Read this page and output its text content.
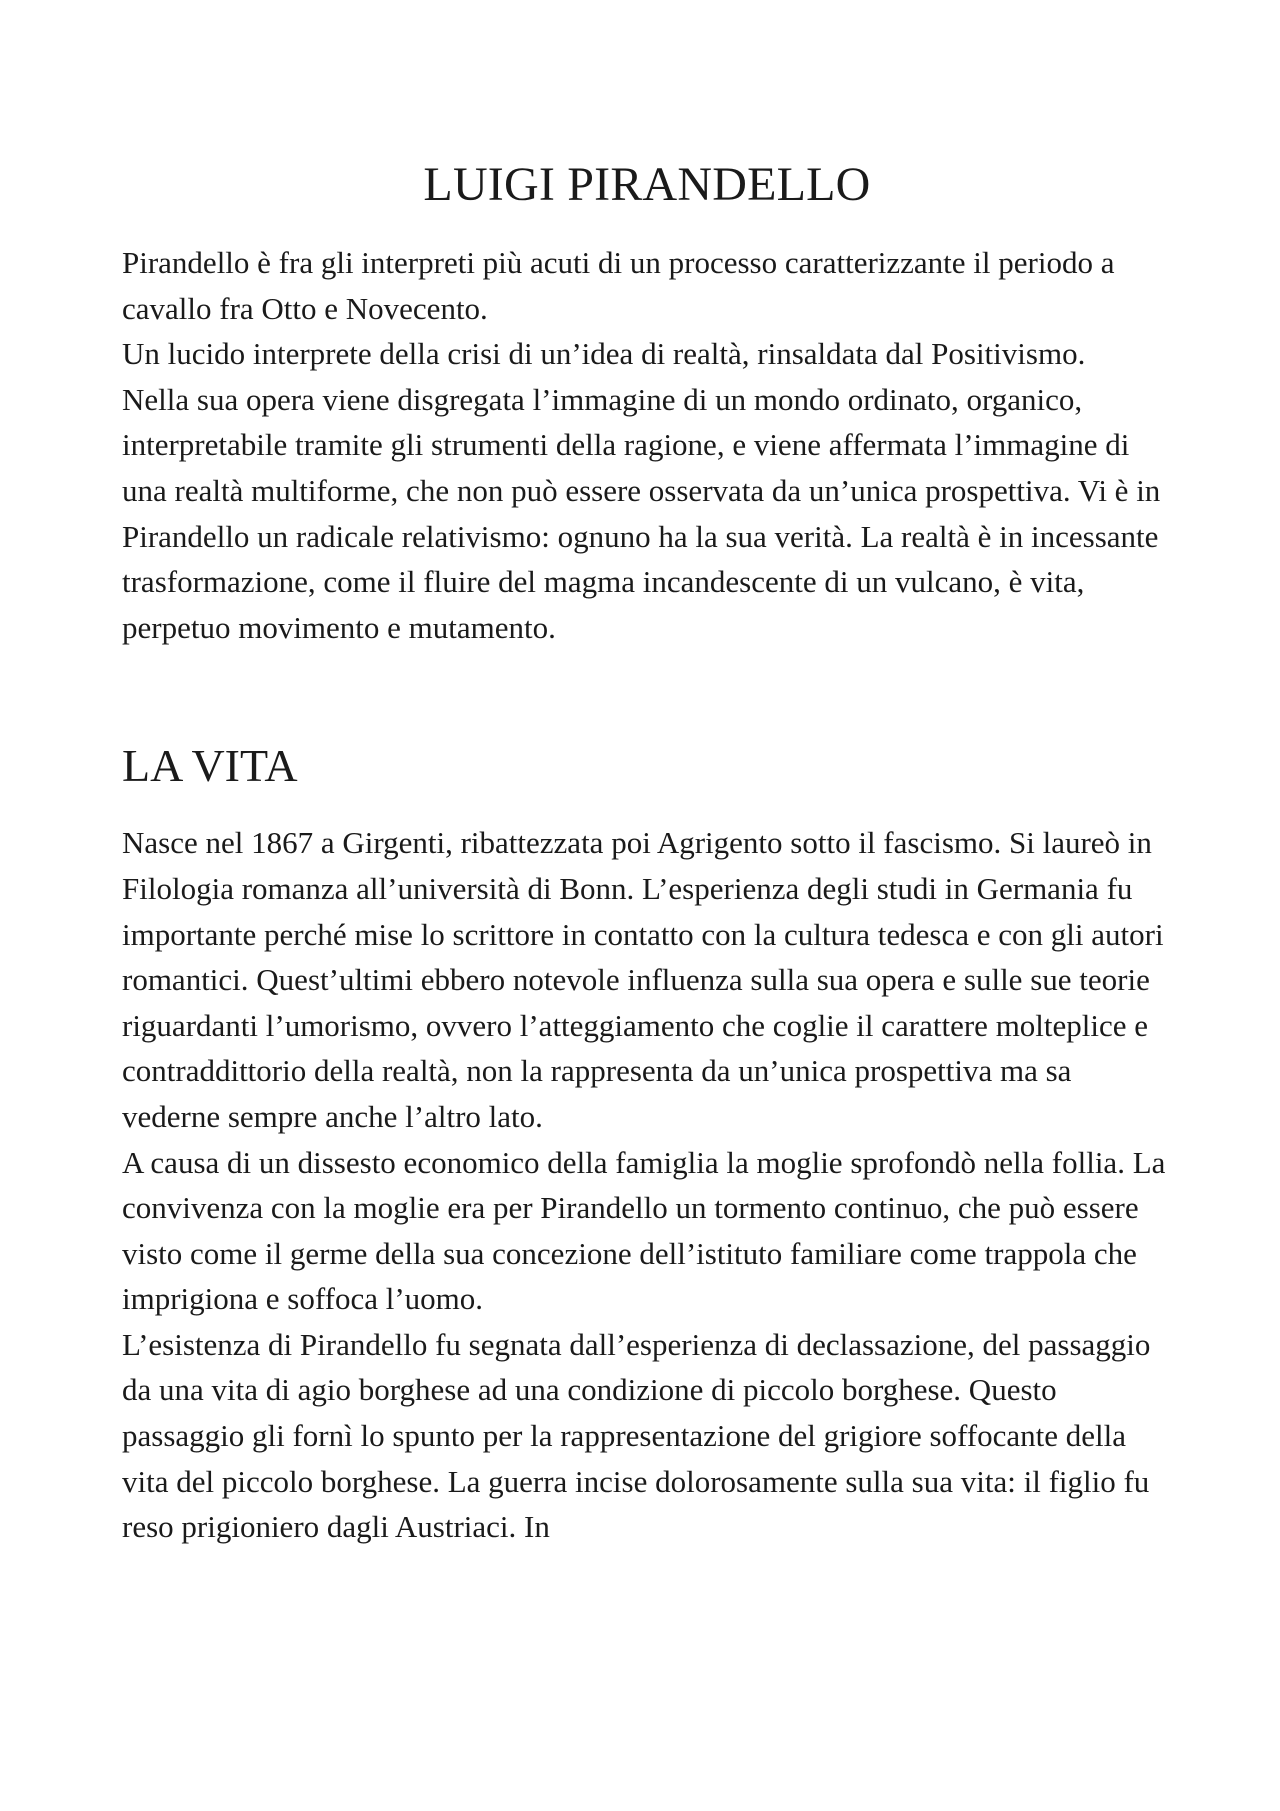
LUIGI PIRANDELLO

Pirandello è fra gli interpreti più acuti di un processo caratterizzante il periodo a cavallo fra Otto e Novecento.

Un lucido interprete della crisi di un’idea di realtà, rinsaldata dal Positivismo.

Nella sua opera viene disgregata l’immagine di un mondo ordinato, organico, interpretabile tramite gli strumenti della ragione, e viene affermata l’immagine di una realtà multiforme, che non può essere osservata da un’unica prospettiva. Vi è in Pirandello un radicale relativismo: ognuno ha la sua verità. La realtà è in incessante trasformazione, come il fluire del magma incandescente di un vulcano, è vita, perpetuo movimento e mutamento.

LA VITA

Nasce nel 1867 a Girgenti, ribattezzata poi Agrigento sotto il fascismo. Si laureò in Filologia romanza all’università di Bonn. L’esperienza degli studi in Germania fu importante perché mise lo scrittore in contatto con la cultura tedesca e con gli autori romantici. Quest’ultimi ebbero notevole influenza sulla sua opera e sulle sue teorie riguardanti l’umorismo, ovvero l’atteggiamento che coglie il carattere molteplice e contraddittorio della realtà, non la rappresenta da un’unica prospettiva ma sa vederne sempre anche l’altro lato.

A causa di un dissesto economico della famiglia la moglie sprofondò nella follia. La convivenza con la moglie era per Pirandello un tormento continuo, che può essere visto come il germe della sua concezione dell’istituto familiare come trappola che imprigiona e soffoca l’uomo.

L’esistenza di Pirandello fu segnata dall’esperienza di declassazione, del passaggio da una vita di agio borghese ad una condizione di piccolo borghese. Questo passaggio gli fornì lo spunto per la rappresentazione del grigiore soffocante della vita del piccolo borghese. La guerra incise dolorosamente sulla sua vita: il figlio fu reso prigioniero dagli Austriaci. In
